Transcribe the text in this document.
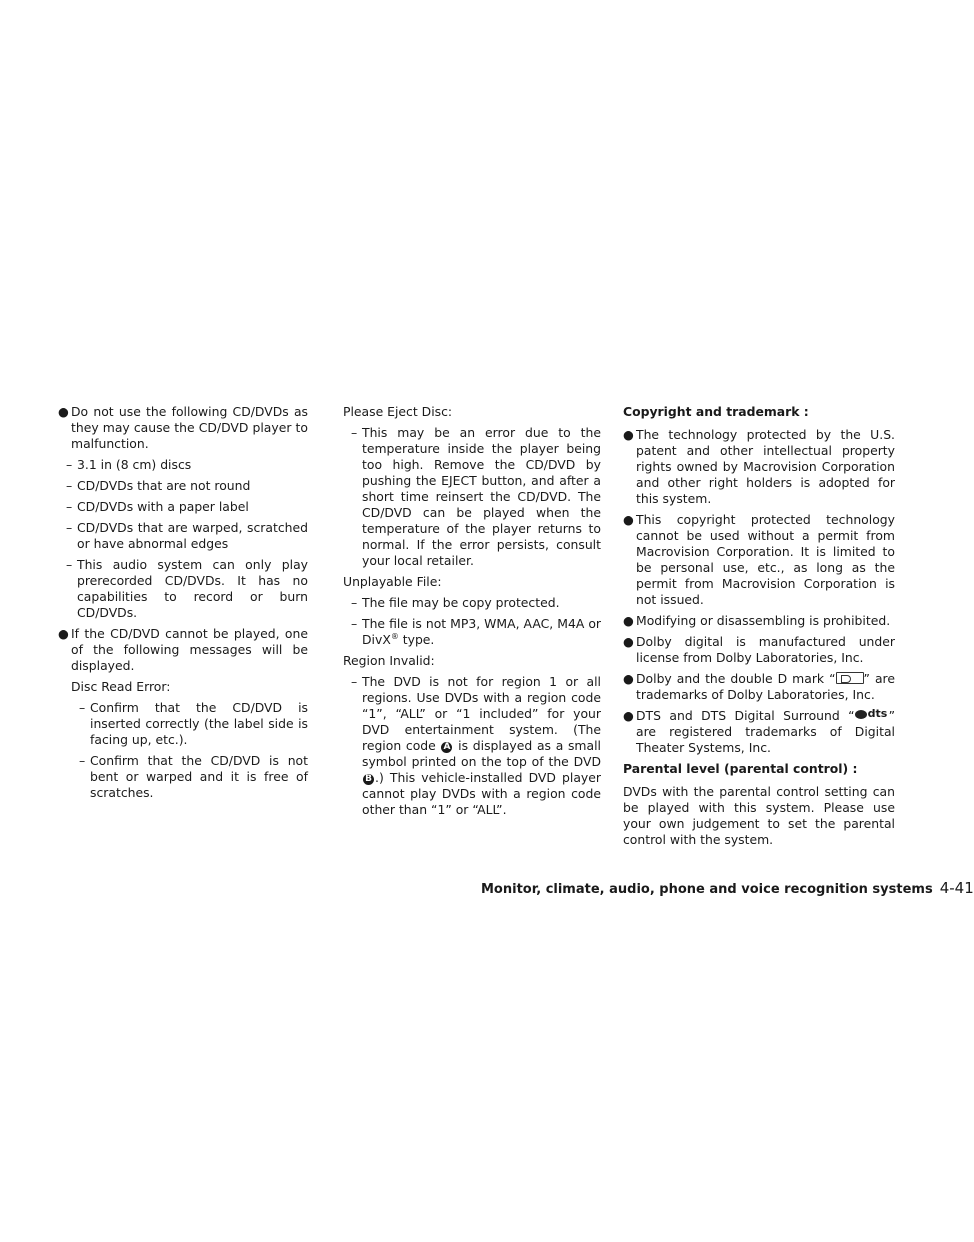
● Do not use the following CD/DVDs as they may cause the CD/DVD player to malfunction.
– 3.1 in (8 cm) discs
– CD/DVDs that are not round
– CD/DVDs with a paper label
– CD/DVDs that are warped, scratched or have abnormal edges
– This audio system can only play prerecorded CD/DVDs. It has no capabilities to record or burn CD/DVDs.
● If the CD/DVD cannot be played, one of the following messages will be displayed.
Disc Read Error:
– Confirm that the CD/DVD is inserted correctly (the label side is facing up, etc.).
– Confirm that the CD/DVD is not bent or warped and it is free of scratches.
Please Eject Disc:
– This may be an error due to the temperature inside the player being too high. Remove the CD/DVD by pushing the EJECT button, and after a short time reinsert the CD/DVD. The CD/DVD can be played when the temperature of the player returns to normal. If the error persists, consult your local retailer.
Unplayable File:
– The file may be copy protected.
– The file is not MP3, WMA, AAC, M4A or DivX® type.
Region Invalid:
– The DVD is not for region 1 or all regions. Use DVDs with a region code “1”, “ALL” or “1 included” for your DVD entertainment system. (The region code A is displayed as a small symbol printed on the top of the DVD B .) This vehicle-installed DVD player cannot play DVDs with a region code other than “1” or “ALL”.
Copyright and trademark :
● The technology protected by the U.S. patent and other intellectual property rights owned by Macrovision Corporation and other right holders is adopted for this system.
● This copyright protected technology cannot be used without a permit from Macrovision Corporation. It is limited to be personal use, etc., as long as the permit from Macrovision Corporation is not issued.
● Modifying or disassembling is prohibited.
● Dolby digital is manufactured under license from Dolby Laboratories, Inc.
● Dolby and the double D mark “ ” are trademarks of Dolby Laboratories, Inc.
● DTS and DTS Digital Surround “ dts ” are registered trademarks of Digital Theater Systems, Inc.
Parental level (parental control) :

DVDs with the parental control setting can be played with this system. Please use your own judgement to set the parental control with the system.

Monitor, climate, audio, phone and voice recognition systems 4-41
